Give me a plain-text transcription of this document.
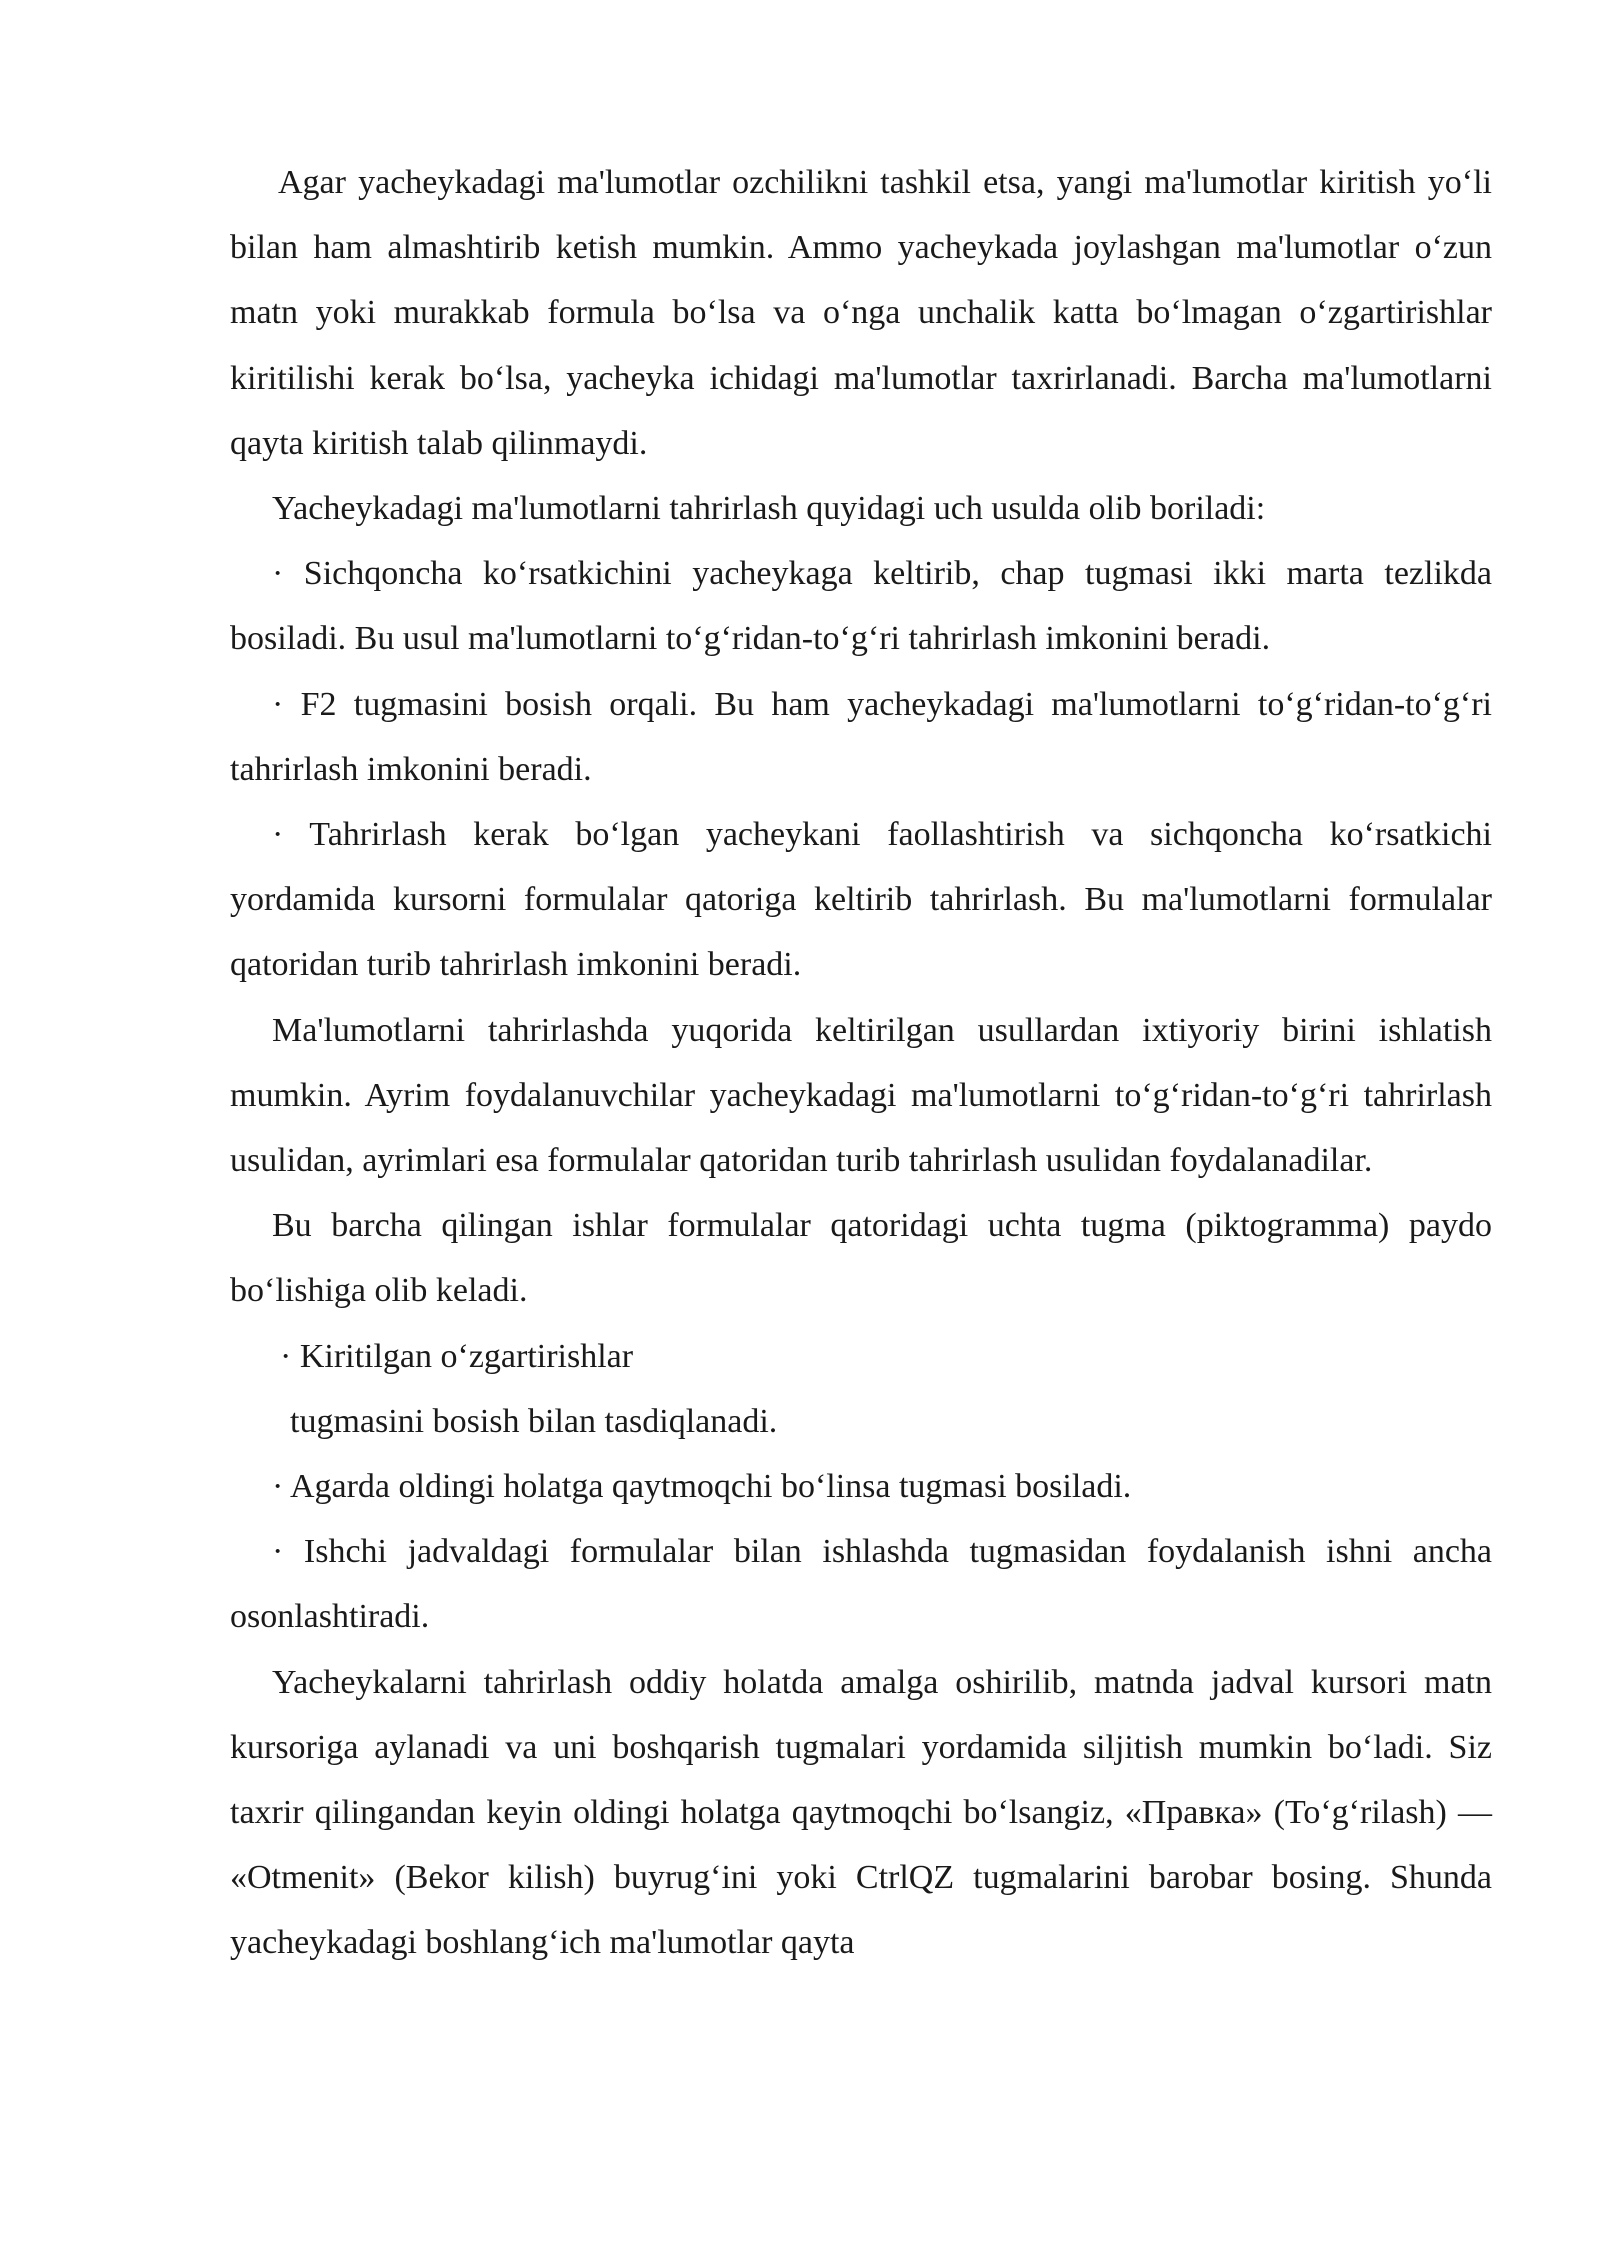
Agar yacheykadagi ma'lumotlar ozchilikni tashkil etsa, yangi ma'lumotlar kiritish yo‘li bilan ham almashtirib ketish mumkin. Ammo yacheykada joylashgan ma'lumotlar o‘zun matn yoki murakkab formula bo‘lsa va o‘nga unchalik katta bo‘lmagan o‘zgartirishlar kiritilishi kerak bo‘lsa, yacheyka ichidagi ma'lumotlar taxrirlanadi. Barcha ma'lumotlarni qayta kiritish talab qilinmaydi.

Yacheykadagi ma'lumotlarni tahrirlash quyidagi uch usulda olib boriladi:

· Sichqoncha ko‘rsatkichini yacheykaga keltirib, chap tugmasi ikki marta tezlikda bosiladi. Bu usul ma'lumotlarni to‘g‘ridan-to‘g‘ri tahrirlash imkonini beradi.

· F2 tugmasini bosish orqali. Bu ham yacheykadagi ma'lumotlarni to‘g‘ridan-to‘g‘ri tahrirlash imkonini beradi.

· Tahrirlash kerak bo‘lgan yacheykani faollashtirish va sichqoncha ko‘rsatkichi yordamida kursorni formulalar qatoriga keltirib tahrirlash. Bu ma'lumotlarni formulalar qatoridan turib tahrirlash imkonini beradi.

Ma'lumotlarni tahrirlashda yuqorida keltirilgan usullardan ixtiyoriy birini ishlatish mumkin. Ayrim foydalanuvchilar yacheykadagi ma'lumotlarni to‘g‘ridan-to‘g‘ri tahrirlash usulidan, ayrimlari esa formulalar qatoridan turib tahrirlash usulidan foydalanadilar.

Bu barcha qilingan ishlar formulalar qatoridagi uchta tugma (piktogramma) paydo bo‘lishiga olib keladi.

· Kiritilgan o‘zgartirishlar

tugmasini bosish bilan tasdiqlanadi.

· Agarda oldingi holatga qaytmoqchi bo‘linsa tugmasi bosiladi.

· Ishchi jadvaldagi formulalar bilan ishlashda tugmasidan foydalanish ishni ancha osonlashtiradi.

Yacheykalarni tahrirlash oddiy holatda amalga oshirilib, matnda jadval kursori matn kursoriga aylanadi va uni boshqarish tugmalari yordamida siljitish mumkin bo‘ladi. Siz taxrir qilingandan keyin oldingi holatga qaytmoqchi bo‘lsangiz, «Правка» (To‘g‘rilash) — «Otmenit» (Bekor kilish) buyrug‘ini yoki CtrlQZ tugmalarini barobar bosing. Shunda yacheykadagi boshlang‘ich ma'lumotlar qayta
